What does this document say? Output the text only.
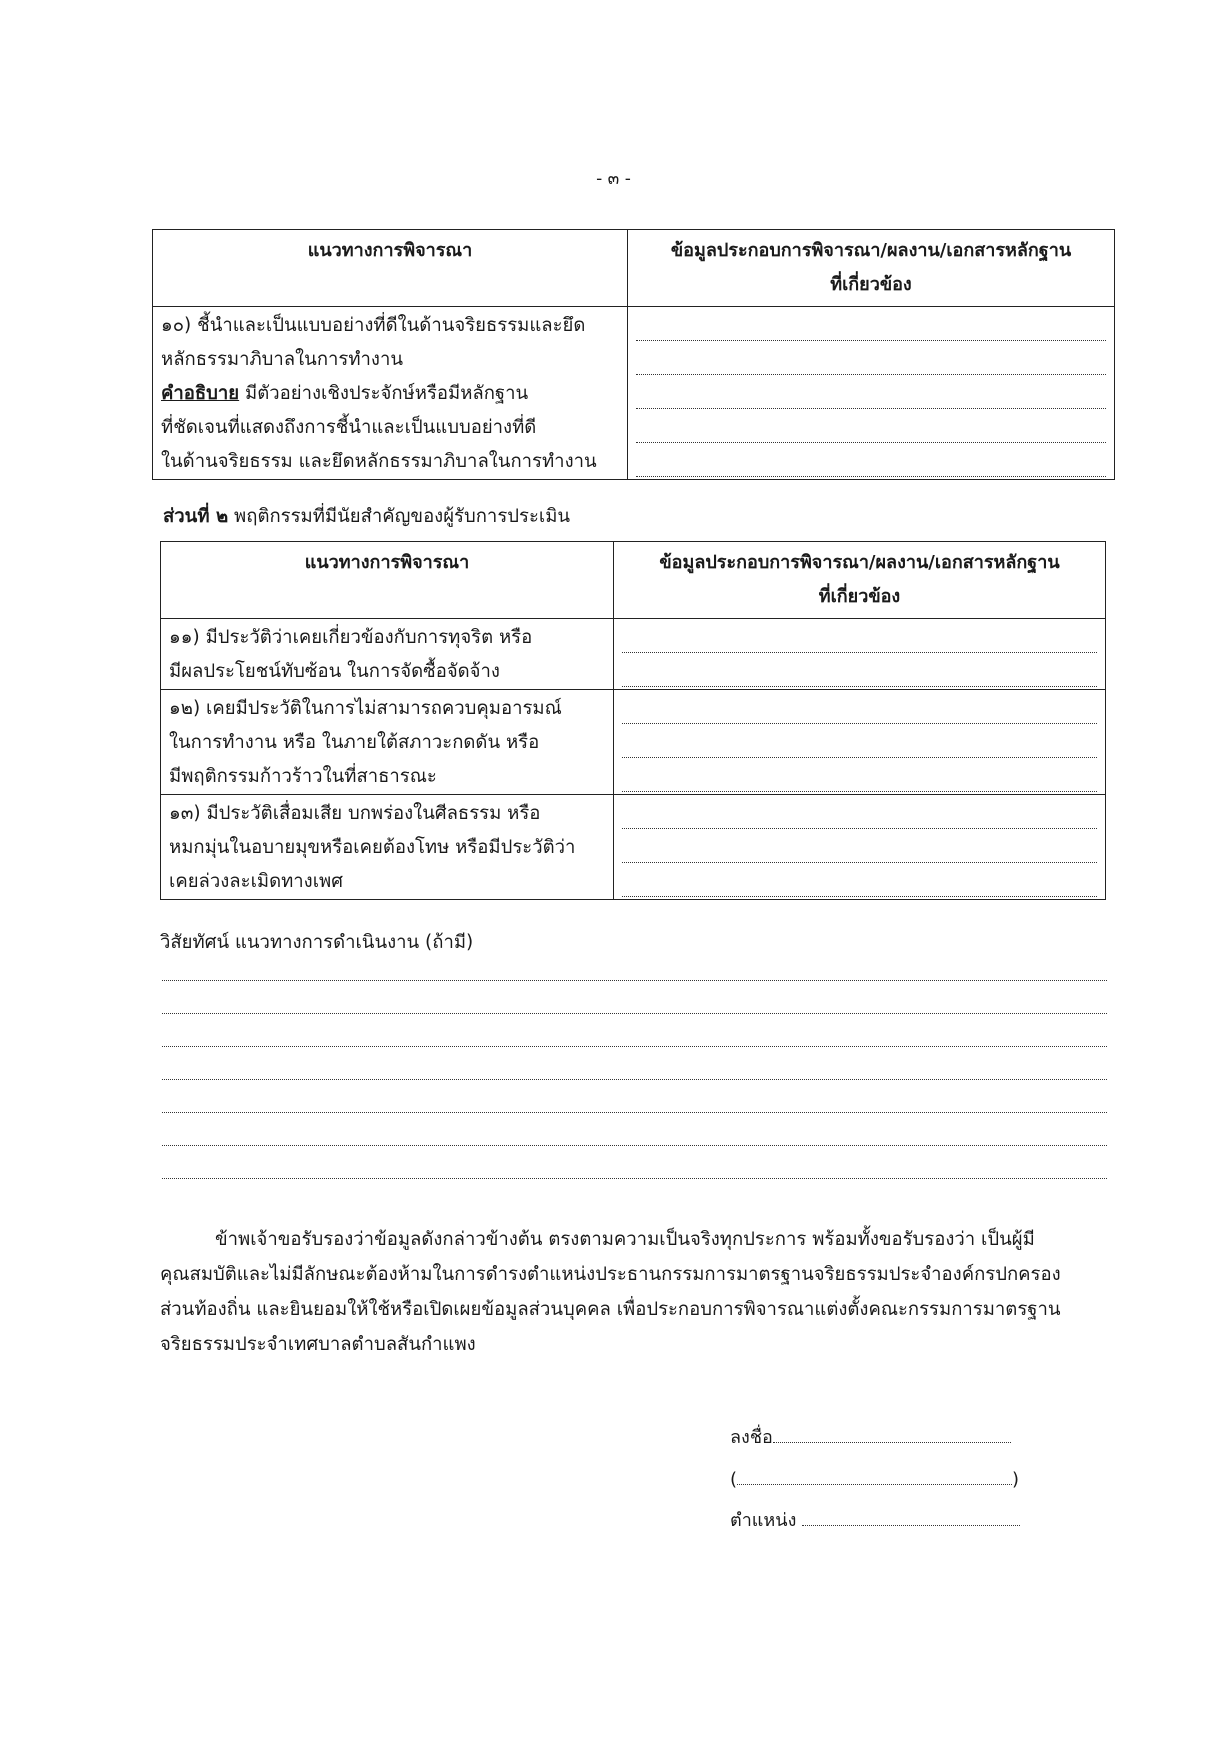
- ๓ -
แนวทางการพิจารณา	ข้อมูลประกอบการพิจารณา/ผลงาน/เอกสารหลักฐาน
ที่เกี่ยวข้อง

๑๐) ชี้นำและเป็นแบบอย่างที่ดีในด้านจริยธรรมและยึด
หลักธรรมาภิบาลในการทำงาน
คำอธิบาย มีตัวอย่างเชิงประจักษ์หรือมีหลักฐาน
ที่ชัดเจนที่แสดงถึงการชี้นำและเป็นแบบอย่างที่ดี
ในด้านจริยธรรม และยึดหลักธรรมาภิบาลในการทำงาน	

ส่วนที่ ๒ พฤติกรรมที่มีนัยสำคัญของผู้รับการประเมิน
แนวทางการพิจารณา	ข้อมูลประกอบการพิจารณา/ผลงาน/เอกสารหลักฐาน
ที่เกี่ยวข้อง

๑๑) มีประวัติว่าเคยเกี่ยวข้องกับการทุจริต หรือ
มีผลประโยชน์ทับซ้อน ในการจัดซื้อจัดจ้าง	

๑๒) เคยมีประวัติในการไม่สามารถควบคุมอารมณ์
ในการทำงาน หรือ ในภายใต้สภาวะกดดัน หรือ
มีพฤติกรรมก้าวร้าวในที่สาธารณะ	

๑๓) มีประวัติเสื่อมเสีย บกพร่องในศีลธรรม หรือ
หมกมุ่นในอบายมุขหรือเคยต้องโทษ หรือมีประวัติว่า
เคยล่วงละเมิดทางเพศ	

วิสัยทัศน์ แนวทางการดำเนินงาน (ถ้ามี)
ข้าพเจ้าขอรับรองว่าข้อมูลดังกล่าวข้างต้น ตรงตามความเป็นจริงทุกประการ พร้อมทั้งขอรับรองว่า เป็นผู้มี
คุณสมบัติและไม่มีลักษณะต้องห้ามในการดำรงตำแหน่งประธานกรรมการมาตรฐานจริยธรรมประจำองค์กรปกครอง
ส่วนท้องถิ่น และยินยอมให้ใช้หรือเปิดเผยข้อมูลส่วนบุคคล เพื่อประกอบการพิจารณาแต่งตั้งคณะกรรมการมาตรฐาน
จริยธรรมประจำเทศบาลตำบลสันกำแพง
ลงชื่อ
(	)
ตำแหน่ง
